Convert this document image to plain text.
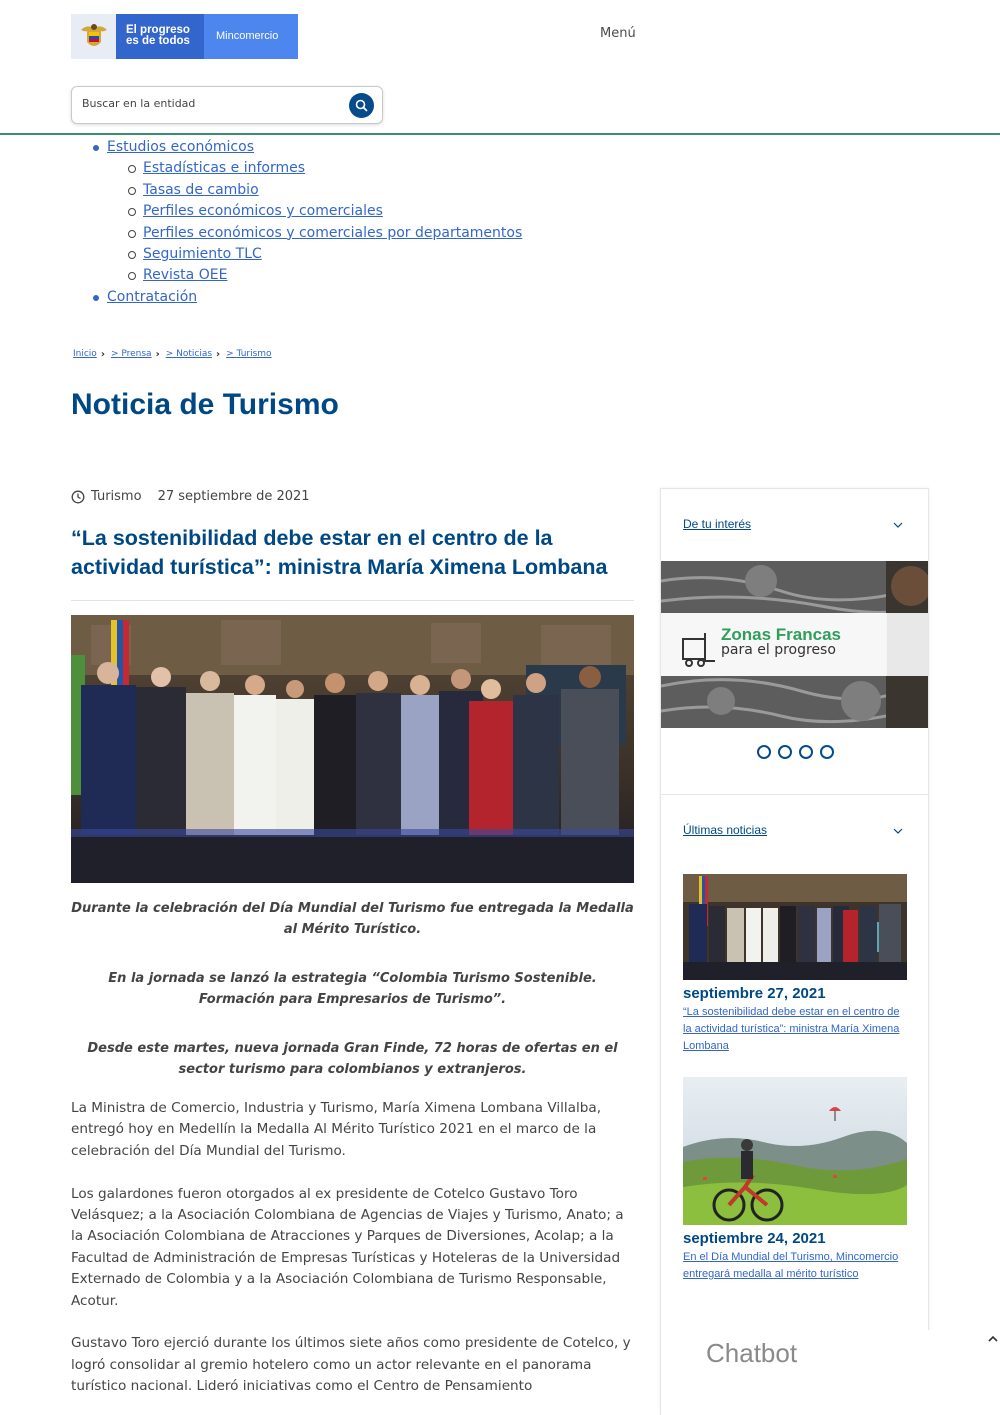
El progreso
es de todos	Mincomercio	Menú
Buscar en la entidad
Estudios económicos
Estadísticas e informes
Tasas de cambio
Perfiles económicos y comerciales
Perfiles económicos y comerciales por departamentos
Seguimiento TLC
Revista OEE
Contratación
Inicio › > Prensa › > Noticias › > Turismo
Noticia de Turismo
Turismo 27 septiembre de 2021
“La sostenibilidad debe estar en el centro de la actividad turística”: ministra María Ximena Lombana

Durante la celebración del Día Mundial del Turismo fue entregada la Medalla al Mérito Turístico.

En la jornada se lanzó la estrategia “Colombia Turismo Sostenible. Formación para Empresarios de Turismo”.

Desde este martes, nueva jornada Gran Finde, 72 horas de ofertas en el sector turismo para colombianos y extranjeros.

La Ministra de Comercio, Industria y Turismo, María Ximena Lombana Villalba, entregó hoy en Medellín la Medalla Al Mérito Turístico 2021 en el marco de la celebración del Día Mundial del Turismo.

Los galardones fueron otorgados al ex presidente de Cotelco Gustavo Toro Velásquez; a la Asociación Colombiana de Agencias de Viajes y Turismo, Anato; a la Asociación Colombiana de Atracciones y Parques de Diversiones, Acolap; a la Facultad de Administración de Empresas Turísticas y Hoteleras de la Universidad Externado de Colombia y a la Asociación Colombiana de Turismo Responsable, Acotur.

Gustavo Toro ejerció durante los últimos siete años como presidente de Cotelco, y logró consolidar al gremio hotelero como un actor relevante en el panorama turístico nacional. Lideró iniciativas como el Centro de Pensamiento

De tu interés
Zonas Francas
para el progreso
Últimas noticias
septiembre 27, 2021
“La sostenibilidad debe estar en el centro de la actividad turística”: ministra María Ximena Lombana
septiembre 24, 2021
En el Día Mundial del Turismo, Mincomercio entregará medalla al mérito turístico
Chatbot
